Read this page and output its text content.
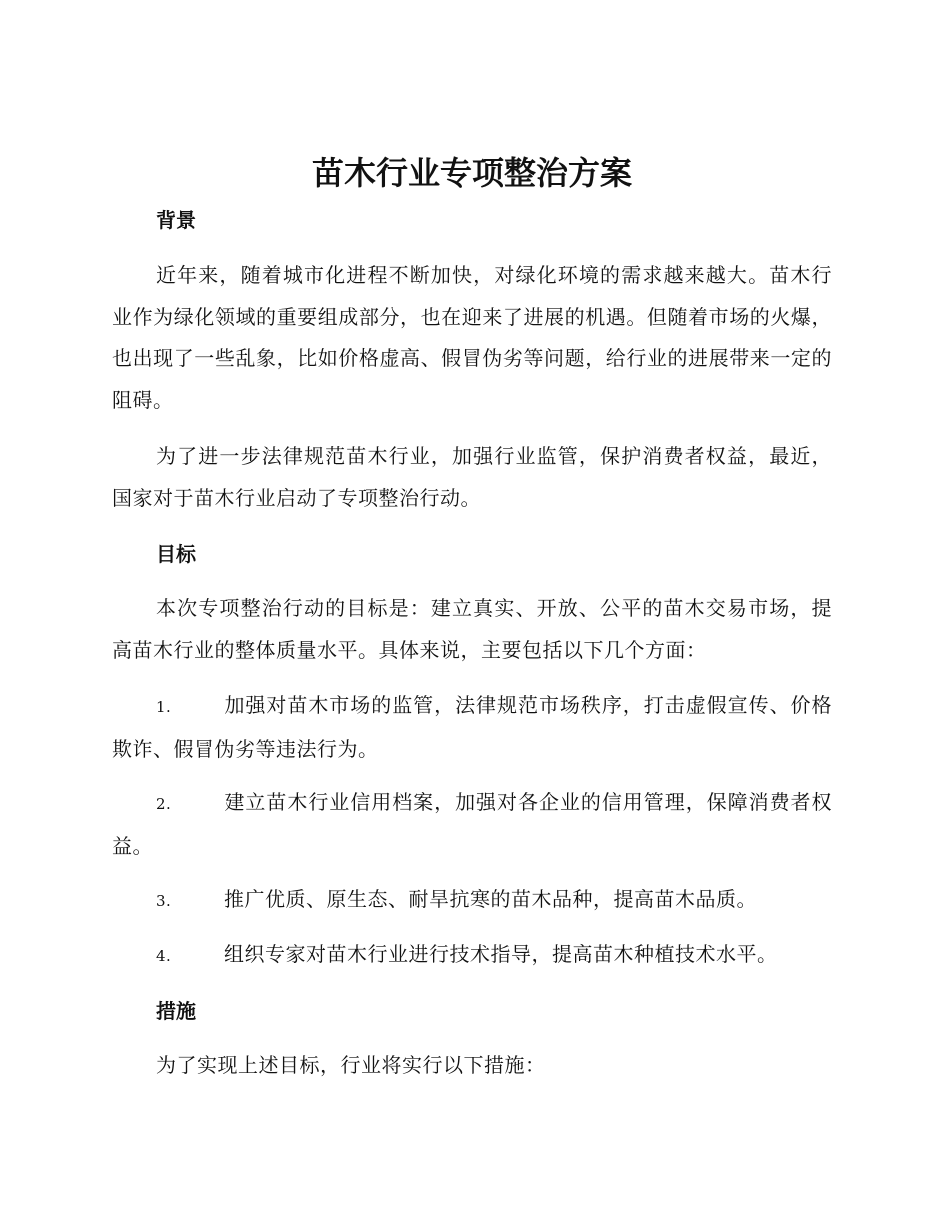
苗木行业专项整治方案
背景

近年来，随着城市化进程不断加快，对绿化环境的需求越来越大。苗木行业作为绿化领域的重要组成部分，也在迎来了进展的机遇。但随着市场的火爆，也出现了一些乱象，比如价格虚高、假冒伪劣等问题，给行业的进展带来一定的阻碍。

为了进一步法律规范苗木行业，加强行业监管，保护消费者权益，最近，国家对于苗木行业启动了专项整治行动。

目标

本次专项整治行动的目标是：建立真实、开放、公平的苗木交易市场，提高苗木行业的整体质量水平。具体来说，主要包括以下几个方面：

1.	加强对苗木市场的监管，法律规范市场秩序，打击虚假宣传、价格欺诈、假冒伪劣等违法行为。

2.	建立苗木行业信用档案，加强对各企业的信用管理，保障消费者权益。

3.	推广优质、原生态、耐旱抗寒的苗木品种，提高苗木品质。

4.	组织专家对苗木行业进行技术指导，提高苗木种植技术水平。

措施

为了实现上述目标，行业将实行以下措施：
